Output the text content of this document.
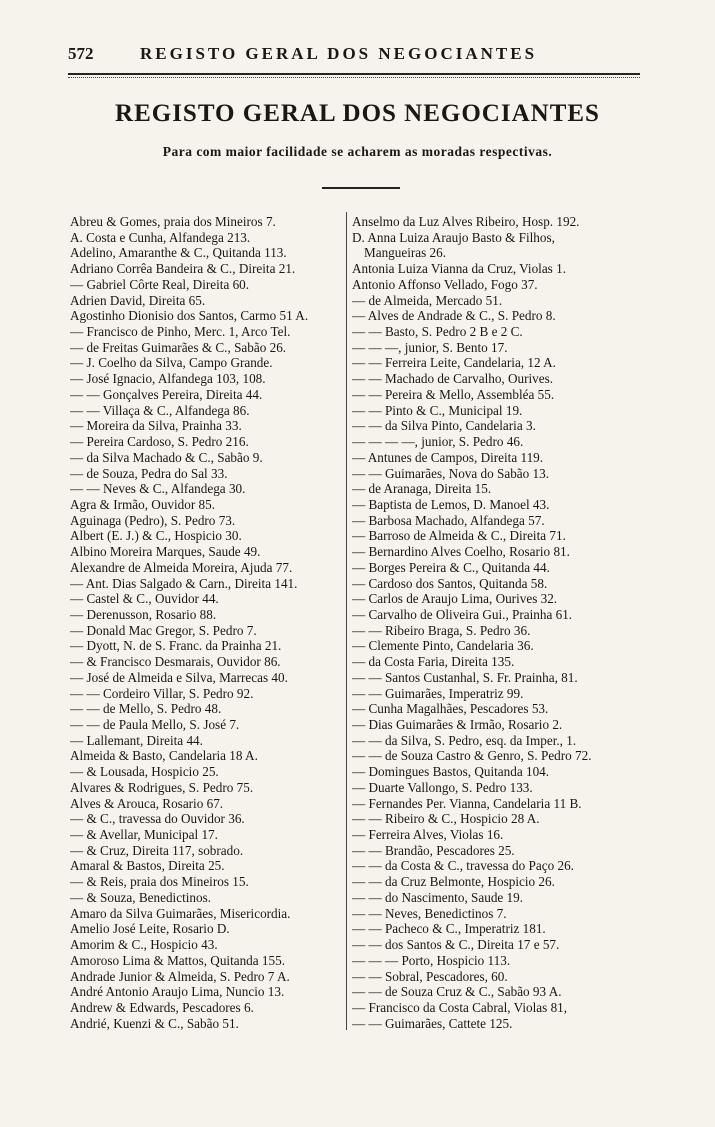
572	REGISTO GERAL DOS NEGOCIANTES
REGISTO GERAL DOS NEGOCIANTES
Para com maior facilidade se acharem as moradas respectivas.
Abreu & Gomes, praia dos Mineiros 7.
A. Costa e Cunha, Alfandega 213.
Adelino, Amaranthe & C., Quitanda 113.
Adriano Corrêa Bandeira & C., Direita 21.
— Gabriel Côrte Real, Direita 60.
Adrien David, Direita 65.
Agostinho Dionisio dos Santos, Carmo 51 A.
— Francisco de Pinho, Merc. 1, Arco Tel.
— de Freitas Guimarães & C., Sabão 26.
— J. Coelho da Silva, Campo Grande.
— José Ignacio, Alfandega 103, 108.
— — Gonçalves Pereira, Direita 44.
— — Villaça & C., Alfandega 86.
— Moreira da Silva, Prainha 33.
— Pereira Cardoso, S. Pedro 216.
— da Silva Machado & C., Sabão 9.
— de Souza, Pedra do Sal 33.
— — Neves & C., Alfandega 30.
Agra & Irmão, Ouvidor 85.
Aguinaga (Pedro), S. Pedro 73.
Albert (E. J.) & C., Hospicio 30.
Albino Moreira Marques, Saude 49.
Alexandre de Almeida Moreira, Ajuda 77.
— Ant. Dias Salgado & Carn., Direita 141.
— Castel & C., Ouvidor 44.
— Derenusson, Rosario 88.
— Donald Mac Gregor, S. Pedro 7.
— Dyott, N. de S. Franc. da Prainha 21.
— & Francisco Desmarais, Ouvidor 86.
— José de Almeida e Silva, Marrecas 40.
— — Cordeiro Villar, S. Pedro 92.
— — de Mello, S. Pedro 48.
— — de Paula Mello, S. José 7.
— Lallemant, Direita 44.
Almeida & Basto, Candelaria 18 A.
— & Lousada, Hospicio 25.
Alvares & Rodrigues, S. Pedro 75.
Alves & Arouca, Rosario 67.
— & C., travessa do Ouvidor 36.
— & Avellar, Municipal 17.
— & Cruz, Direita 117, sobrado.
Amaral & Bastos, Direita 25.
— & Reis, praia dos Mineiros 15.
— & Souza, Benedictinos.
Amaro da Silva Guimarães, Misericordia.
Amelio José Leite, Rosario D.
Amorim & C., Hospicio 43.
Amoroso Lima & Mattos, Quitanda 155.
Andrade Junior & Almeida, S. Pedro 7 A.
André Antonio Araujo Lima, Nuncio 13.
Andrew & Edwards, Pescadores 6.
Andrié, Kuenzi & C., Sabão 51.
Anselmo da Luz Alves Ribeiro, Hosp. 192.
D. Anna Luiza Araujo Basto & Filhos,
Mangueiras 26.
Antonia Luiza Vianna da Cruz, Violas 1.
Antonio Affonso Vellado, Fogo 37.
— de Almeida, Mercado 51.
— Alves de Andrade & C., S. Pedro 8.
— — Basto, S. Pedro 2 B e 2 C.
— — —, junior, S. Bento 17.
— — Ferreira Leite, Candelaria, 12 A.
— — Machado de Carvalho, Ourives.
— — Pereira & Mello, Assembléa 55.
— — Pinto & C., Municipal 19.
— — da Silva Pinto, Candelaria 3.
— — — —, junior, S. Pedro 46.
— Antunes de Campos, Direita 119.
— — Guimarães, Nova do Sabão 13.
— de Aranaga, Direita 15.
— Baptista de Lemos, D. Manoel 43.
— Barbosa Machado, Alfandega 57.
— Barroso de Almeida & C., Direita 71.
— Bernardino Alves Coelho, Rosario 81.
— Borges Pereira & C., Quitanda 44.
— Cardoso dos Santos, Quitanda 58.
— Carlos de Araujo Lima, Ourives 32.
— Carvalho de Oliveira Gui., Prainha 61.
— — Ribeiro Braga, S. Pedro 36.
— Clemente Pinto, Candelaria 36.
— da Costa Faria, Direita 135.
— — Santos Custanhal, S. Fr. Prainha, 81.
— — Guimarães, Imperatriz 99.
— Cunha Magalhães, Pescadores 53.
— Dias Guimarães & Irmão, Rosario 2.
— — da Silva, S. Pedro, esq. da Imper., 1.
— — de Souza Castro & Genro, S. Pedro 72.
— Domingues Bastos, Quitanda 104.
— Duarte Vallongo, S. Pedro 133.
— Fernandes Per. Vianna, Candelaria 11 B.
— — Ribeiro & C., Hospicio 28 A.
— Ferreira Alves, Violas 16.
— — Brandão, Pescadores 25.
— — da Costa & C., travessa do Paço 26.
— — da Cruz Belmonte, Hospicio 26.
— — do Nascimento, Saude 19.
— — Neves, Benedictinos 7.
— — Pacheco & C., Imperatriz 181.
— — dos Santos & C., Direita 17 e 57.
— — — Porto, Hospicio 113.
— — Sobral, Pescadores, 60.
— — de Souza Cruz & C., Sabão 93 A.
— Francisco da Costa Cabral, Violas 81,
— — Guimarães, Cattete 125.
